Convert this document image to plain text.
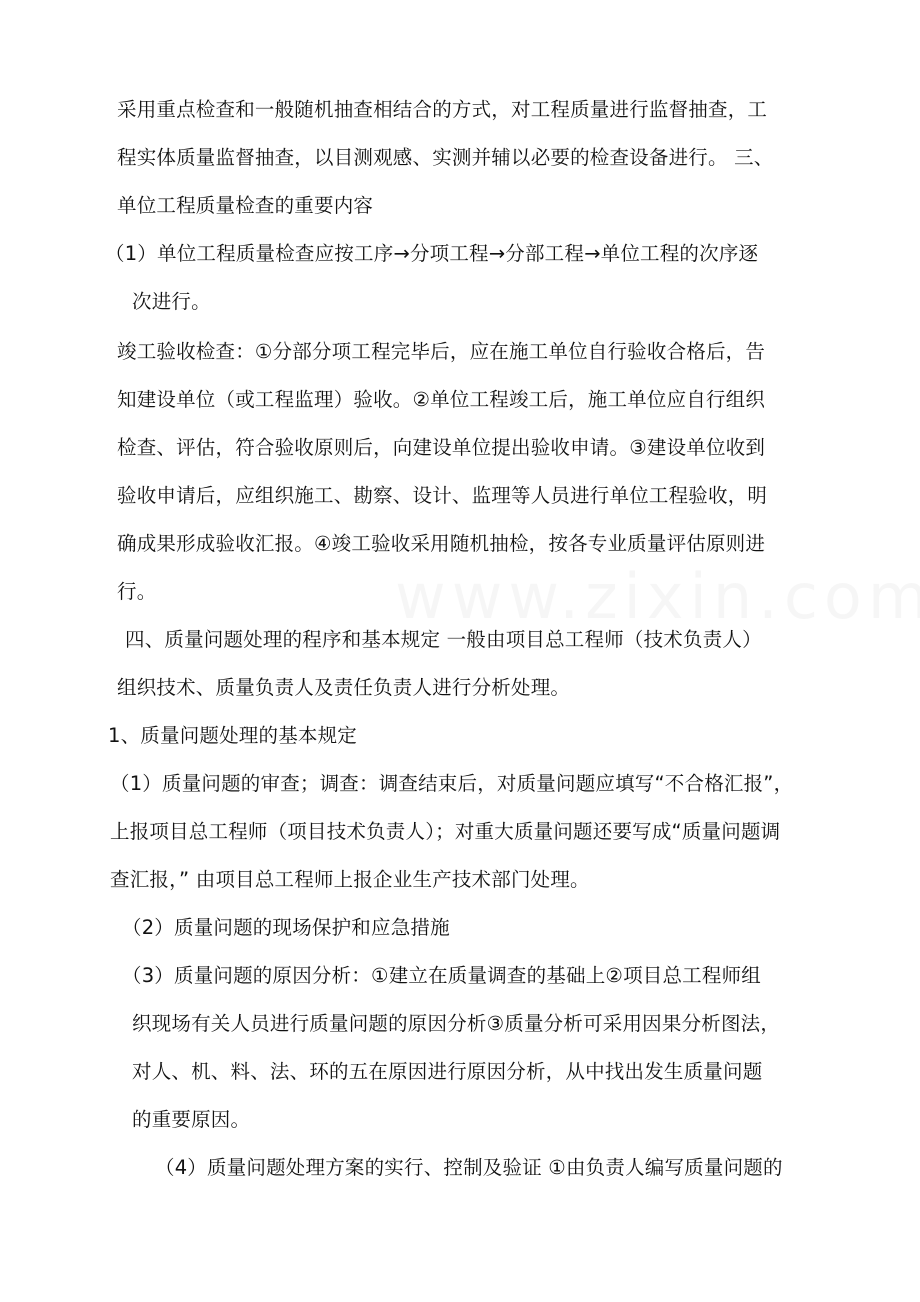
采用重点检查和一般随机抽查相结合的方式，对工程质量进行监督抽查，工
程实体质量监督抽查，以目测观感、实测并辅以必要的检查设备进行。 三、
单位工程质量检查的重要内容
（1）单位工程质量检查应按工序→分项工程→分部工程→单位工程的次序逐
次进行。
竣工验收检查：①分部分项工程完毕后，应在施工单位自行验收合格后，告
知建设单位（或工程监理）验收。②单位工程竣工后，施工单位应自行组织
检查、评估，符合验收原则后，向建设单位提出验收申请。③建设单位收到
验收申请后，应组织施工、勘察、设计、监理等人员进行单位工程验收，明
确成果形成验收汇报。④竣工验收采用随机抽检，按各专业质量评估原则进
行。
四、质量问题处理的程序和基本规定 一般由项目总工程师（技术负责人）
组织技术、质量负责人及责任负责人进行分析处理。
1、质量问题处理的基本规定
（1）质量问题的审查；调查：调查结束后，对质量问题应填写“不合格汇报”，
上报项目总工程师（项目技术负责人）；对重大质量问题还要写成“质量问题调
查汇报，” 由项目总工程师上报企业生产技术部门处理。
（2）质量问题的现场保护和应急措施
（3）质量问题的原因分析：①建立在质量调查的基础上②项目总工程师组
织现场有关人员进行质量问题的原因分析③质量分析可采用因果分析图法，
对人、机、料、法、环的五在原因进行原因分析，从中找出发生质量问题
的重要原因。
（4）质量问题处理方案的实行、控制及验证 ①由负责人编写质量问题的
